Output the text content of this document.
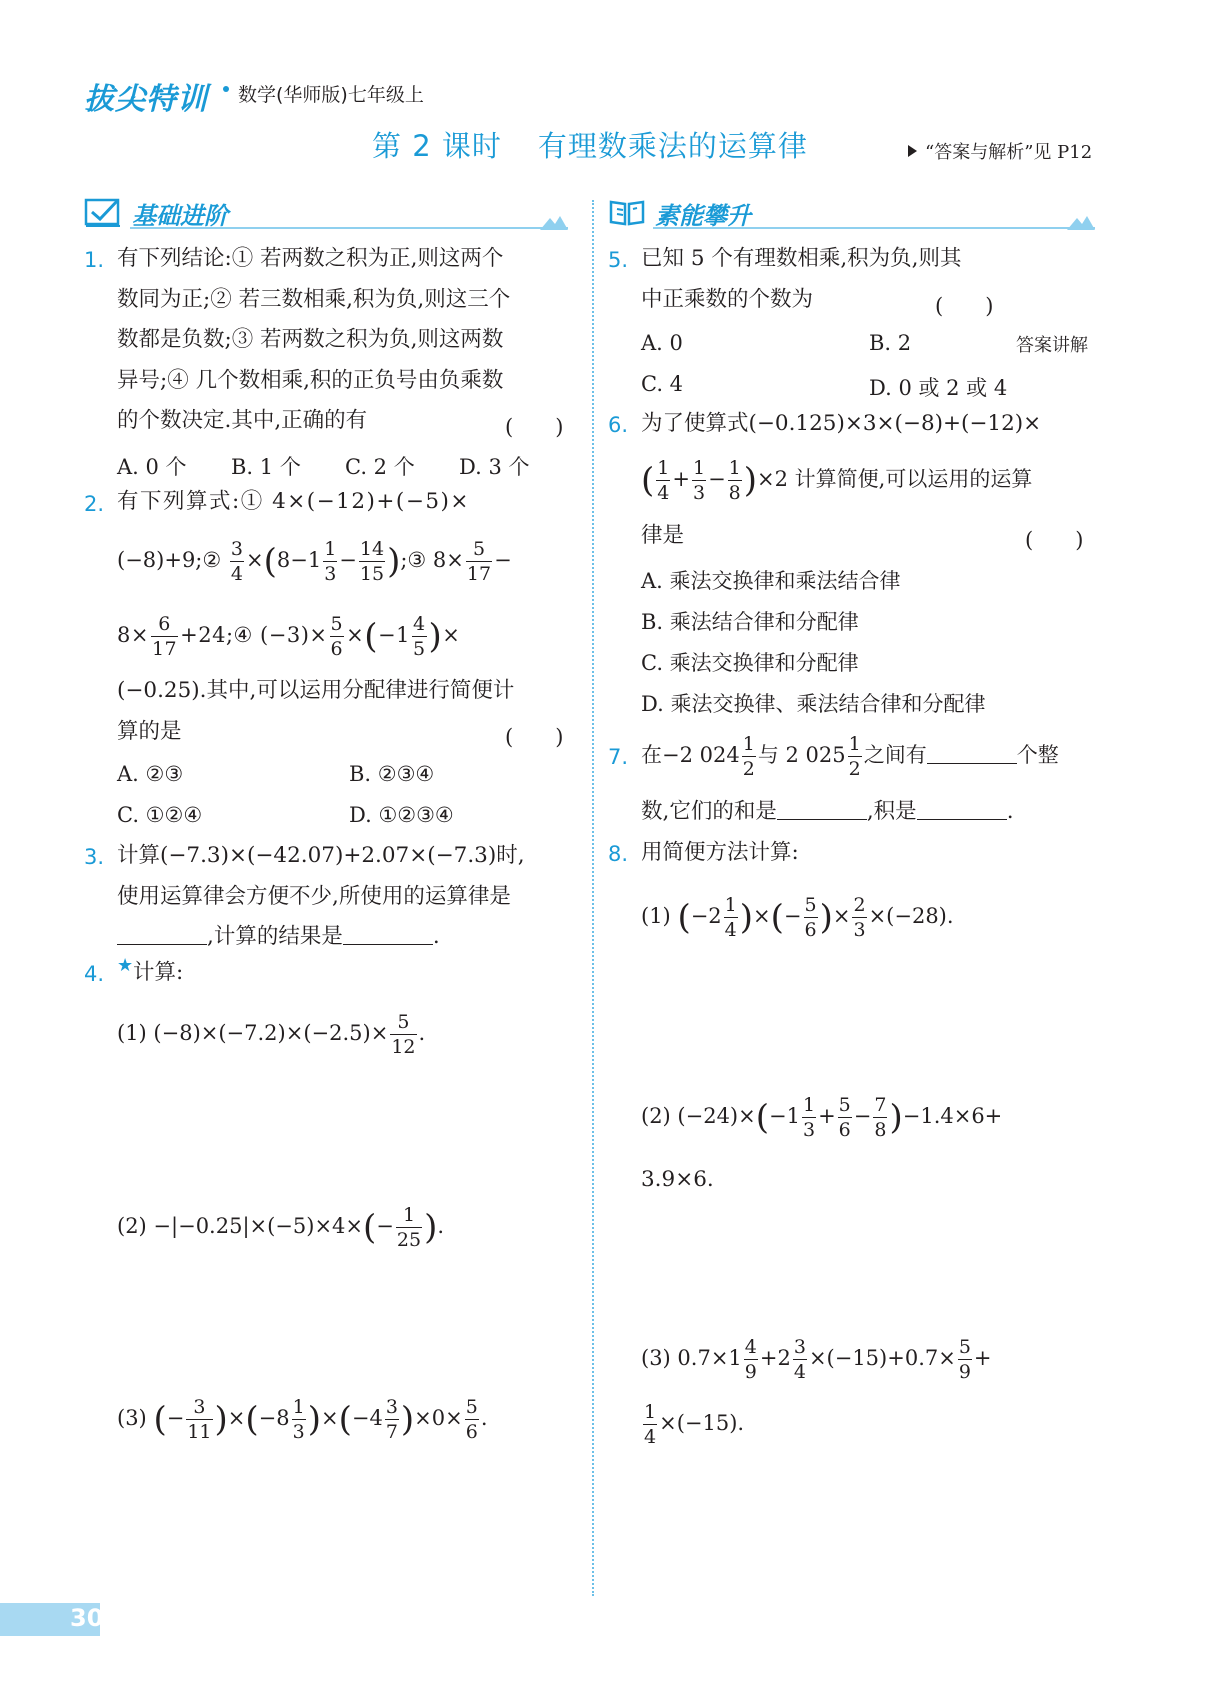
拔尖特训 数学(华师版)七年级上
第 2 课时 有理数乘法的运算律	“答案与解析”见 P12
基础进阶	素能攀升
1. 有下列结论:① 若两数之积为正,则这两个
数同为正;② 若三数相乘,积为负,则这三个
数都是负数;③ 若两数之积为负,则这两数
异号;④ 几个数相乘,积的正负号由负乘数
的个数决定.其中,正确的有	(　　)
A. 0 个 B. 1 个 C. 2 个 D. 3 个
2. 有下列算式:① 4×(−12)+(−5)×
(−8)+9;② $\frac{3}{4} \times(8-1 \frac{1}{3} - \frac{14}{15}$ );③ $8\times \frac{5}{17}$ −
$8\times \frac{6}{17}$ +24;④ $(-3)\times \frac{5}{6} \times(-1 \frac{4}{5}$ )×
(−0.25).其中,可以运用分配律进行简便计
算的是	(　　)
A. ②③	B. ②③④
C. ①②④	D. ①②③④
3. 计算(−7.3)×(−42.07)+2.07×(−7.3)时,
使用运算律会方便不少,所使用的运算律是
,计算的结果是	.
4. ★ 计算:
(1) $(-8)\times(-7.2)\times(-2.5)\times \frac{5}{12}$ .
$(2) -|-0.25|\times(-5)\times 4\times(- \frac{1}{25}$ ).
(3) (− $\frac{3}{11} )\times(-8 \frac{1}{3} )\times(-4 \frac{3}{7} )\times 0\times \frac{5}{6}$ .
5. 已知 5 个有理数相乘,积为负,则其
中正乘数的个数为	(　　)
A. 0	B. 2	答案讲解
C. 4	D. 0 或 2 或 4
6. 为了使算式(−0.125)×3×(−8)+(−12)×
( $\frac{1}{4} + \frac{1}{3} - \frac{1}{8} )\times 2$ 计算简便,可以运用的运算
律是	(　　)
A. 乘法交换律和乘法结合律
B. 乘法结合律和分配律
C. 乘法交换律和分配律
D. 乘法交换律、乘法结合律和分配律
7. 在−2 $024 \frac{1}{2}$ 与 2 $025 \frac{1}{2}$ 之间有	个整
数,它们的和是	,积是	.
8. 用简便方法计算:
(1) ($-2 \frac{1}{4}$ )×(− $\frac{5}{6}$ )× $\frac{2}{3} \times(-28)$.
(2) $(-24)\times(-1 \frac{1}{3} + \frac{5}{6} - \frac{7}{8} )-1.4\times 6+$
3.9×6.
(3) $0.7\times 1 \frac{4}{9} +2 \frac{3}{4} \times(-15)+0.7\times \frac{5}{9}$ +
$\frac{1}{4} \times(-15)$.
30
